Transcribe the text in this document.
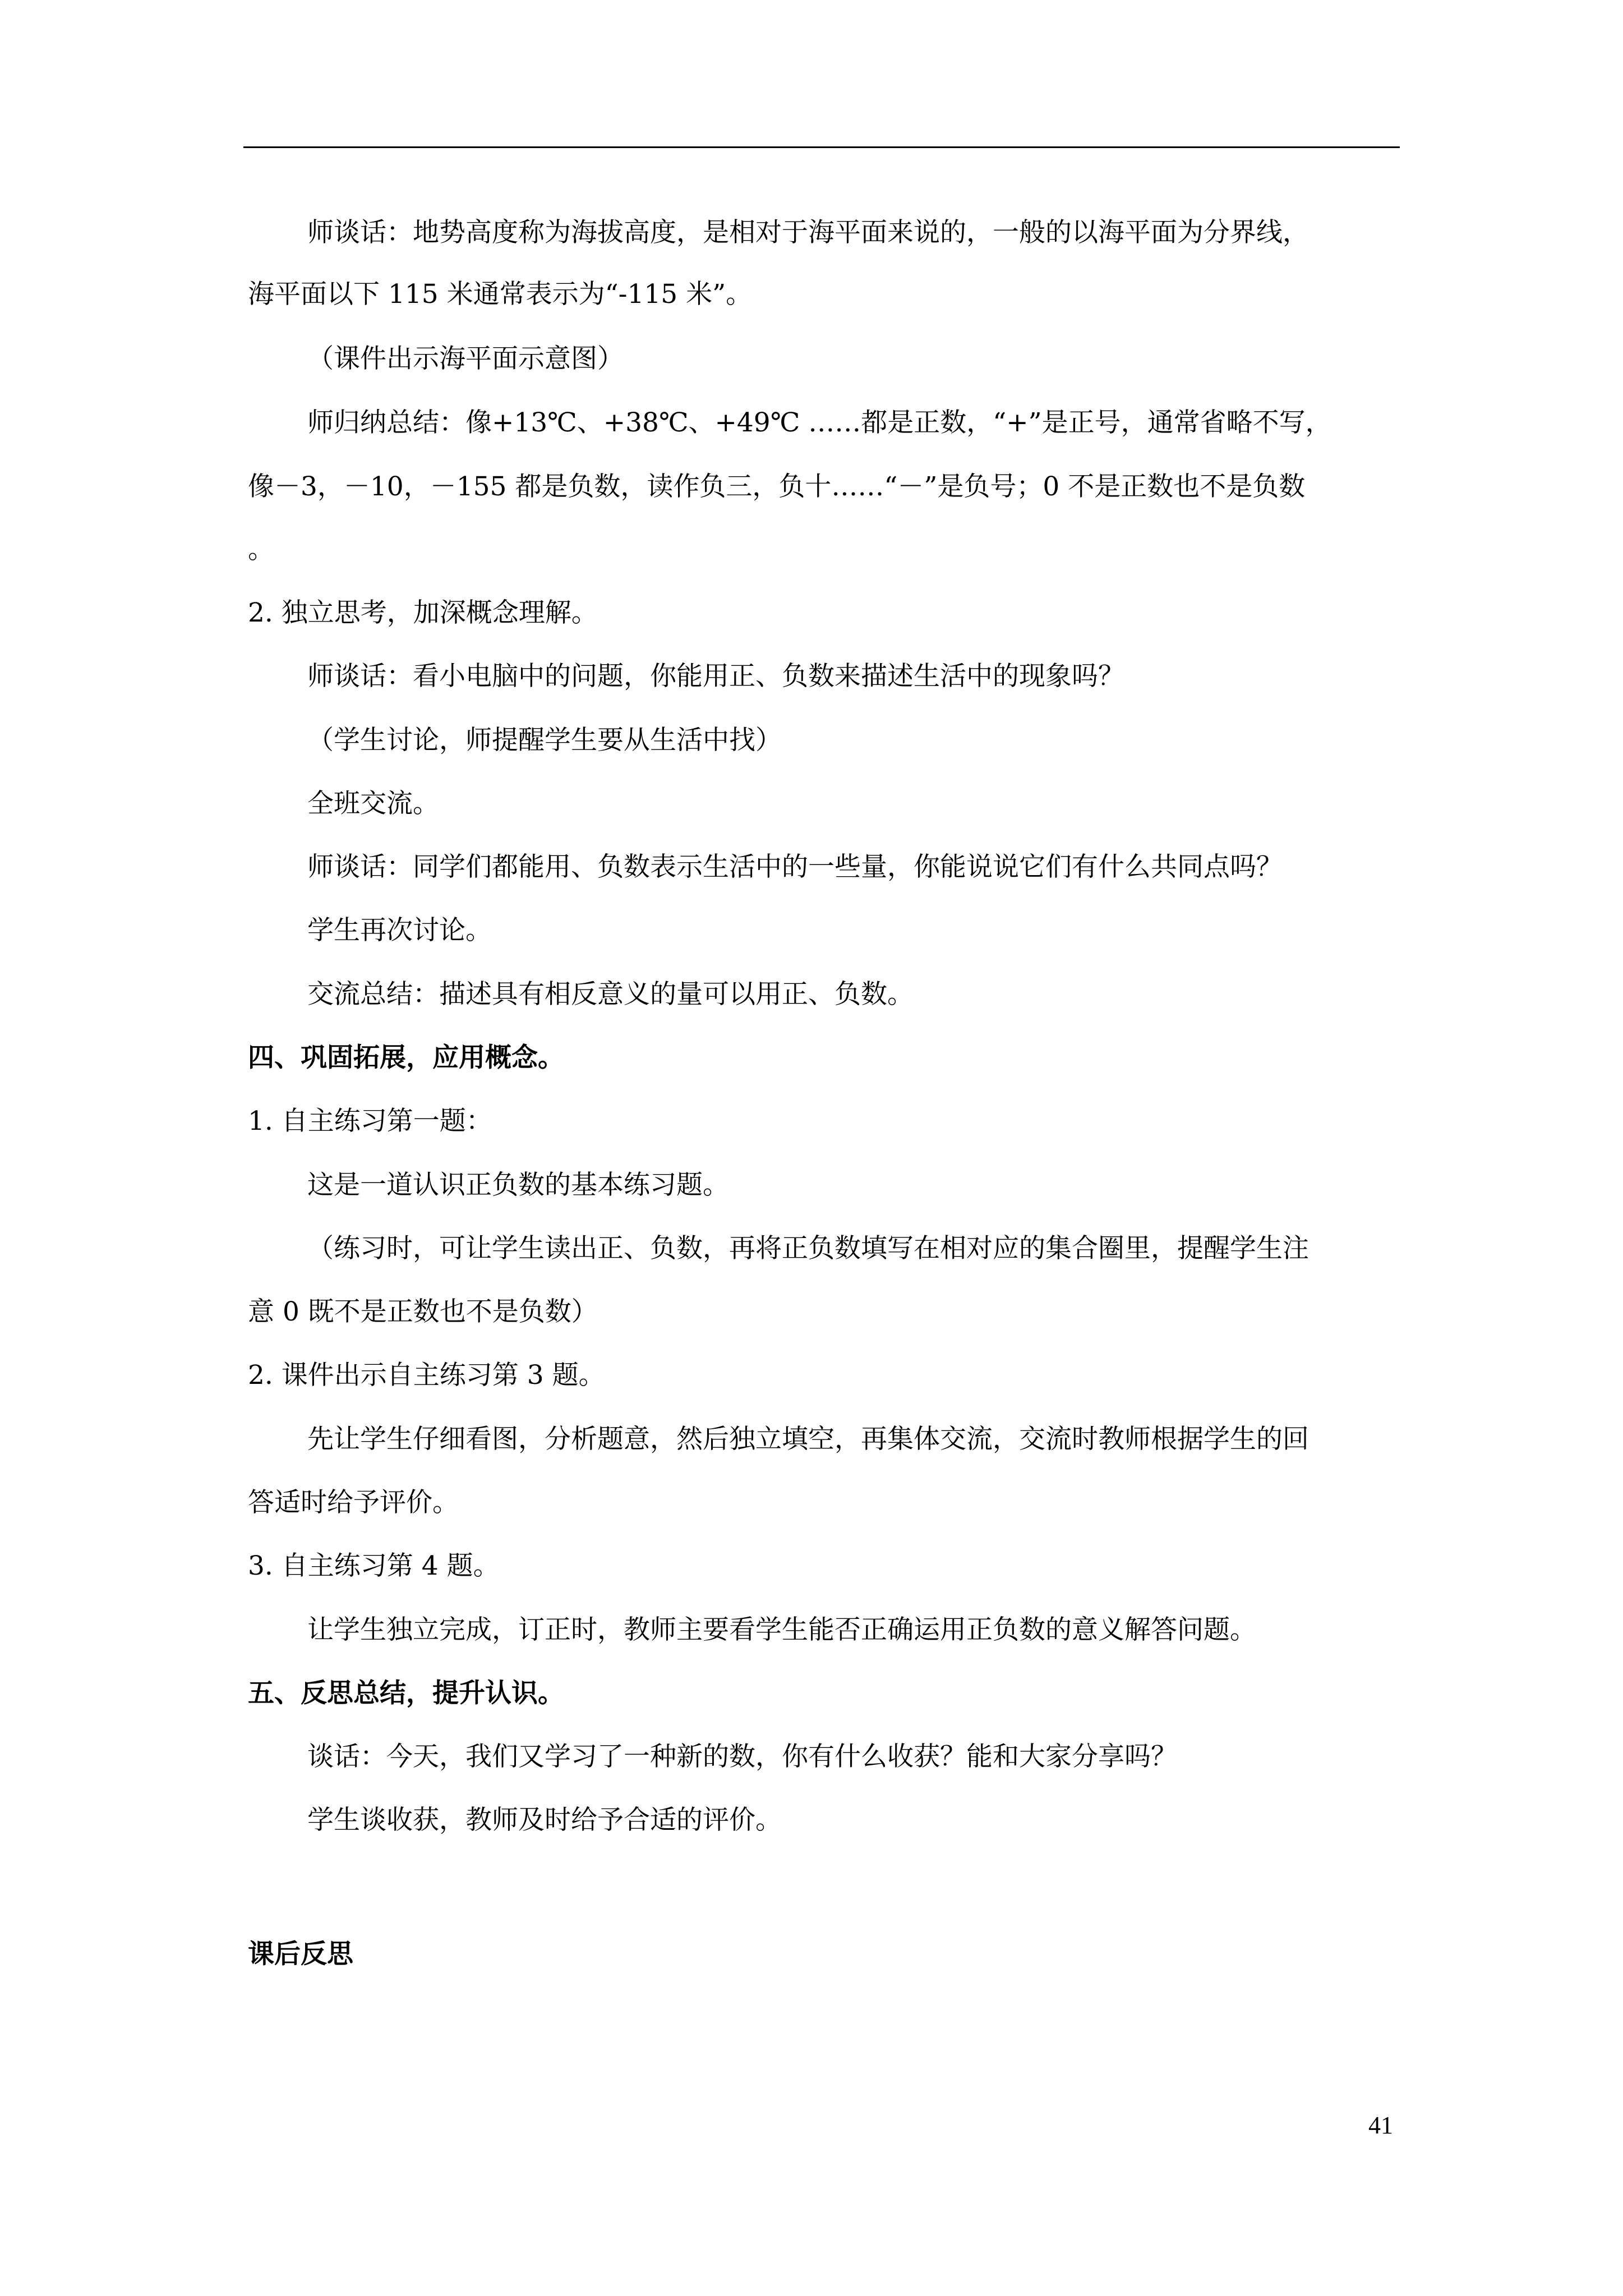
师谈话：地势高度称为海拔高度，是相对于海平面来说的，一般的以海平面为分界线，
海平面以下 115 米通常表示为“-115 米”。
（课件出示海平面示意图）
师归纳总结：像+13℃、+38℃、+49℃ ……都是正数，“+”是正号，通常省略不写，
像－3，－10，－155 都是负数，读作负三，负十……“－”是负号；0 不是正数也不是负数
。
2. 独立思考，加深概念理解。
师谈话：看小电脑中的问题，你能用正、负数来描述生活中的现象吗？
（学生讨论，师提醒学生要从生活中找）
全班交流。
师谈话：同学们都能用、负数表示生活中的一些量，你能说说它们有什么共同点吗？
学生再次讨论。
交流总结：描述具有相反意义的量可以用正、负数。
四、巩固拓展，应用概念。
1. 自主练习第一题：
这是一道认识正负数的基本练习题。
（练习时，可让学生读出正、负数，再将正负数填写在相对应的集合圈里，提醒学生注
意 0 既不是正数也不是负数）
2. 课件出示自主练习第 3 题。
先让学生仔细看图，分析题意，然后独立填空，再集体交流，交流时教师根据学生的回
答适时给予评价。
3. 自主练习第 4 题。
让学生独立完成，订正时，教师主要看学生能否正确运用正负数的意义解答问题。
五、反思总结，提升认识。
谈话：今天，我们又学习了一种新的数，你有什么收获？能和大家分享吗？
学生谈收获，教师及时给予合适的评价。
课后反思
41
